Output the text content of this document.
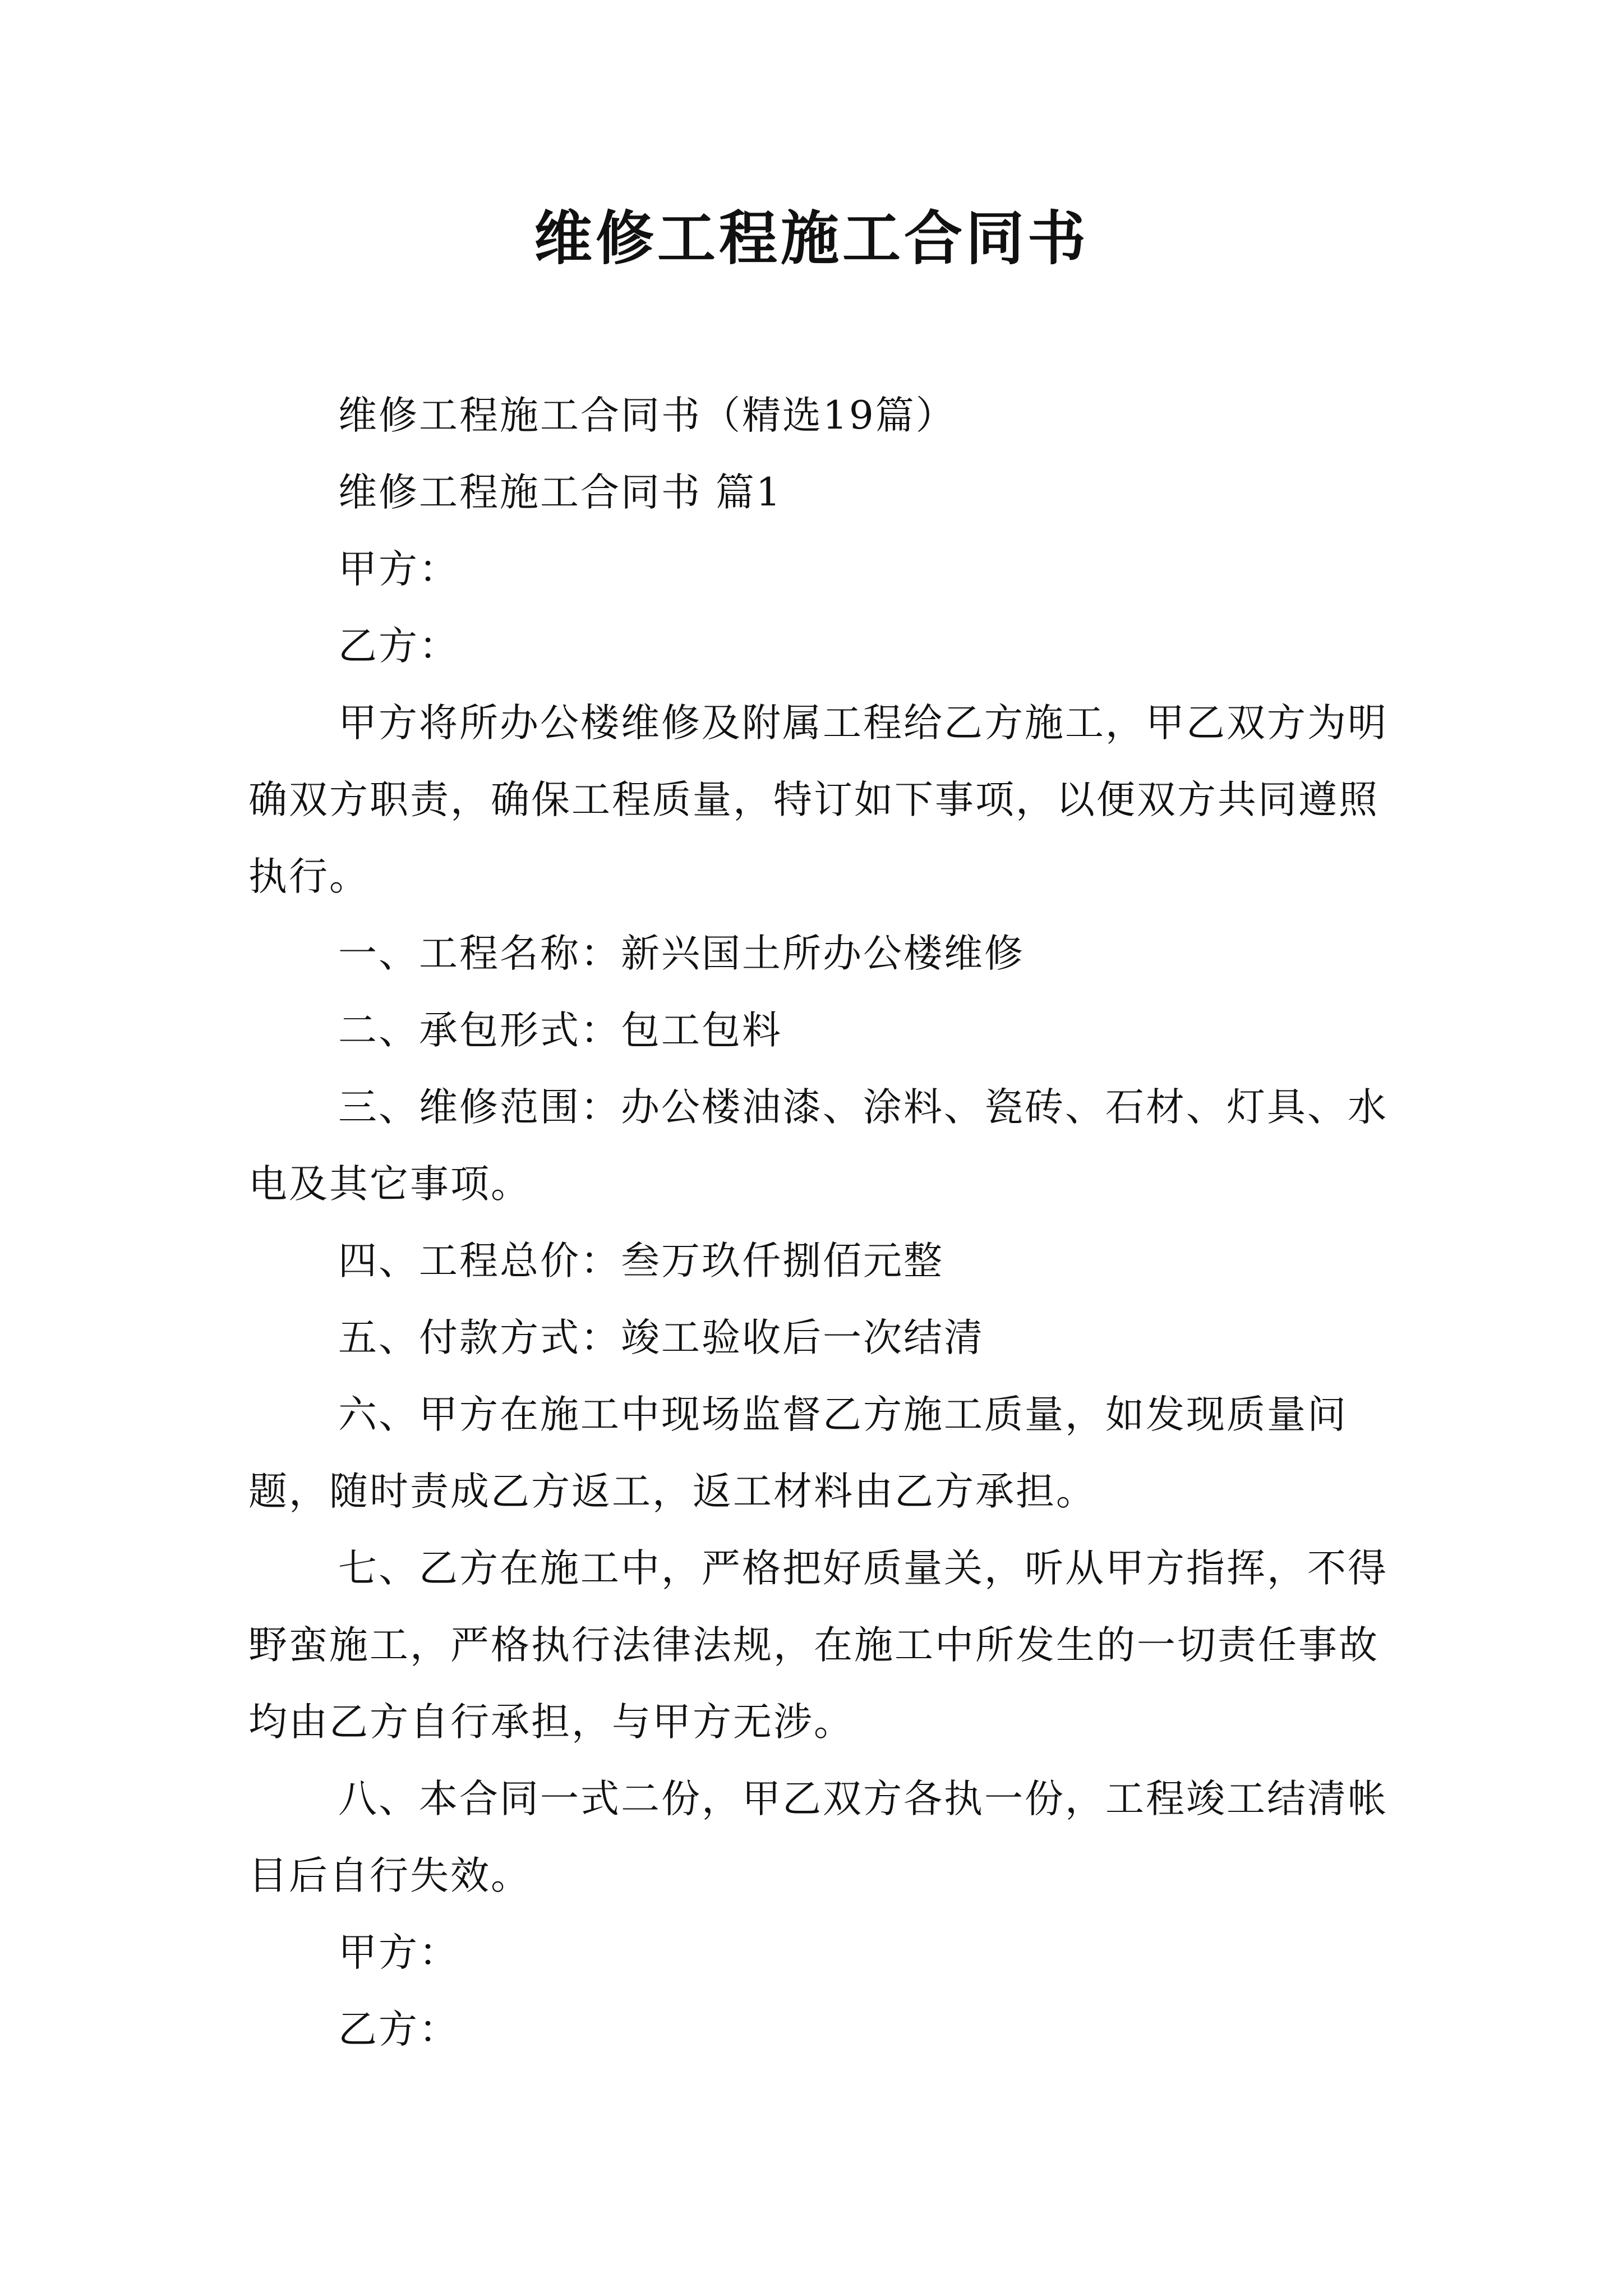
维修工程施工合同书

维修工程施工合同书（精选19篇）

维修工程施工合同书 篇1

甲方：

乙方：

甲方将所办公楼维修及附属工程给乙方施工，甲乙双方为明确双方职责，确保工程质量，特订如下事项，以便双方共同遵照执行。

一、工程名称：新兴国土所办公楼维修

二、承包形式：包工包料

三、维修范围：办公楼油漆、涂料、瓷砖、石材、灯具、水电及其它事项。

四、工程总价：叁万玖仟捌佰元整

五、付款方式：竣工验收后一次结清

六、甲方在施工中现场监督乙方施工质量，如发现质量问题，随时责成乙方返工，返工材料由乙方承担。

七、乙方在施工中，严格把好质量关，听从甲方指挥，不得野蛮施工，严格执行法律法规，在施工中所发生的一切责任事故均由乙方自行承担，与甲方无涉。

八、本合同一式二份，甲乙双方各执一份，工程竣工结清帐目后自行失效。

甲方：

乙方：
